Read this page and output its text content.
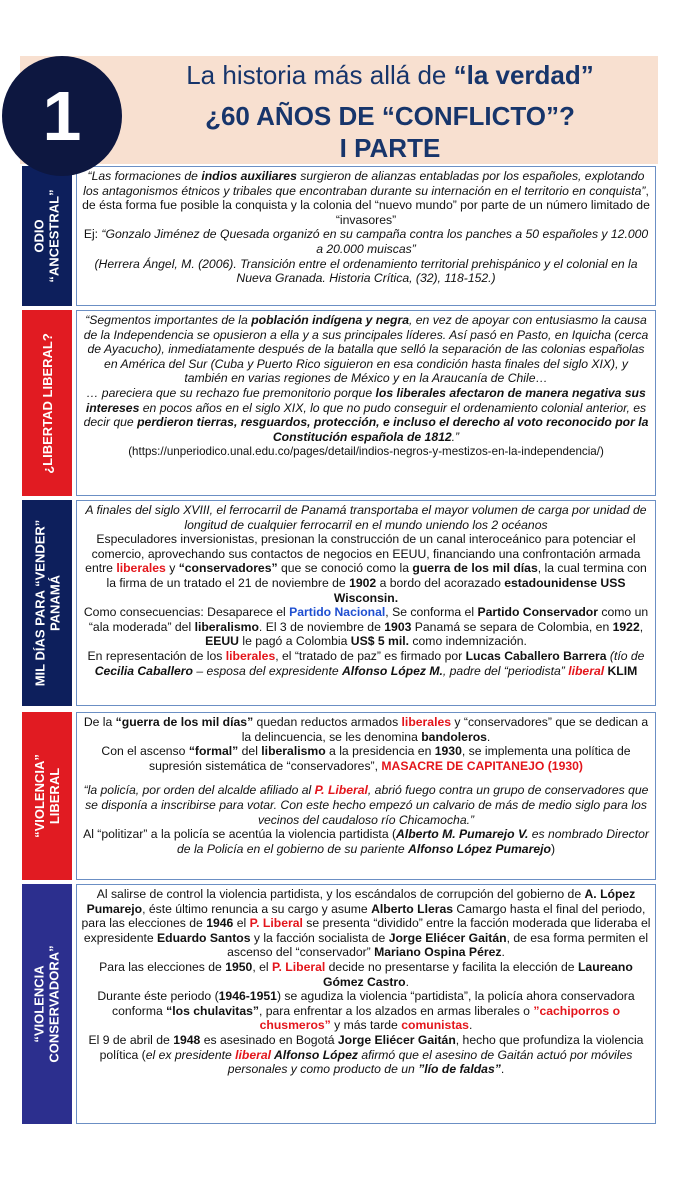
1
La historia más allá de “la verdad”
¿60 AÑOS DE “CONFLICTO”?
I PARTE
ODIO
“ANCESTRAL”

“Las formaciones de indios auxiliares surgieron de alianzas entabladas por los españoles, explotando los antagonismos étnicos y tribales que encontraban durante su internación en el territorio en conquista”, de ésta forma fue posible la conquista y la colonia del “nuevo mundo” por parte de un número limitado de “invasores”

Ej: “Gonzalo Jiménez de Quesada organizó en su campaña contra los panches a 50 españoles y 12.000 a 20.000 muiscas”

(Herrera Ángel, M. (2006). Transición entre el ordenamiento territorial prehispánico y el colonial en la Nueva Granada. Historia Crítica, (32), 118-152.)

¿LIBERTAD LIBERAL?

“Segmentos importantes de la población indígena y negra, en vez de apoyar con entusiasmo la causa de la Independencia se opusieron a ella y a sus principales líderes. Así pasó en Pasto, en Iquicha (cerca de Ayacucho), inmediatamente después de la batalla que selló la separación de las colonias españolas en América del Sur (Cuba y Puerto Rico siguieron en esa condición hasta finales del siglo XIX), y también en varias regiones de México y en la Araucanía de Chile…

… pareciera que su rechazo fue premonitorio porque los liberales afectaron de manera negativa sus intereses en pocos años en el siglo XIX, lo que no pudo conseguir el ordenamiento colonial anterior, es decir que perdieron tierras, resguardos, protección, e incluso el derecho al voto reconocido por la Constitución española de 1812.”

(https://unperiodico.unal.edu.co/pages/detail/indios-negros-y-mestizos-en-la-independencia/)

MIL DÍAS PARA “VENDER”
PANAMÁ

A finales del siglo XVIII, el ferrocarril de Panamá transportaba el mayor volumen de carga por unidad de longitud de cualquier ferrocarril en el mundo uniendo los 2 océanos

Especuladores inversionistas, presionan la construcción de un canal interoceánico para potenciar el comercio, aprovechando sus contactos de negocios en EEUU, financiando una confrontación armada entre liberales y “conservadores” que se conoció como la guerra de los mil días, la cual termina con la firma de un tratado el 21 de noviembre de 1902 a bordo del acorazado estadounidense USS Wisconsin.

Como consecuencias: Desaparece el Partido Nacional, Se conforma el Partido Conservador como un “ala moderada” del liberalismo. El 3 de noviembre de 1903 Panamá se separa de Colombia, en 1922, EEUU le pagó a Colombia US$ 5 mil. como indemnización.

En representación de los liberales, el “tratado de paz” es firmado por Lucas Caballero Barrera (tío de Cecilia Caballero – esposa del expresidente Alfonso López M., padre del “periodista” liberal KLIM

“VIOLENCIA”
LIBERAL

De la “guerra de los mil días” quedan reductos armados liberales y “conservadores” que se dedican a la delincuencia, se les denomina bandoleros.

Con el ascenso “formal” del liberalismo a la presidencia en 1930, se implementa una política de supresión sistemática de “conservadores”, MASACRE DE CAPITANEJO (1930)

“la policía, por orden del alcalde afiliado al P. Liberal, abrió fuego contra un grupo de conservadores que se disponía a inscribirse para votar. Con este hecho empezó un calvario de más de medio siglo para los vecinos del caudaloso río Chicamocha.”

Al “politizar” a la policía se acentúa la violencia partidista (Alberto M. Pumarejo V. es nombrado Director de la Policía en el gobierno de su pariente Alfonso López Pumarejo)

“VIOLENCIA
CONSERVADORA”

Al salirse de control la violencia partidista, y los escándalos de corrupción del gobierno de A. López Pumarejo, éste último renuncia a su cargo y asume Alberto Lleras Camargo hasta el final del periodo, para las elecciones de 1946 el P. Liberal se presenta “dividido” entre la facción moderada que lideraba el expresidente Eduardo Santos y la facción socialista de Jorge Eliécer Gaitán, de esa forma permiten el ascenso del “conservador” Mariano Ospina Pérez.

Para las elecciones de 1950, el P. Liberal decide no presentarse y facilita la elección de Laureano Gómez Castro.

Durante éste periodo (1946-1951) se agudiza la violencia “partidista”, la policía ahora conservadora conforma “los chulavitas”, para enfrentar a los alzados en armas liberales o ”cachiporros o chusmeros” y más tarde comunistas.

El 9 de abril de 1948 es asesinado en Bogotá Jorge Eliécer Gaitán, hecho que profundiza la violencia política (el ex presidente liberal Alfonso López afirmó que el asesino de Gaitán actuó por móviles personales y como producto de un ”lío de faldas”.
